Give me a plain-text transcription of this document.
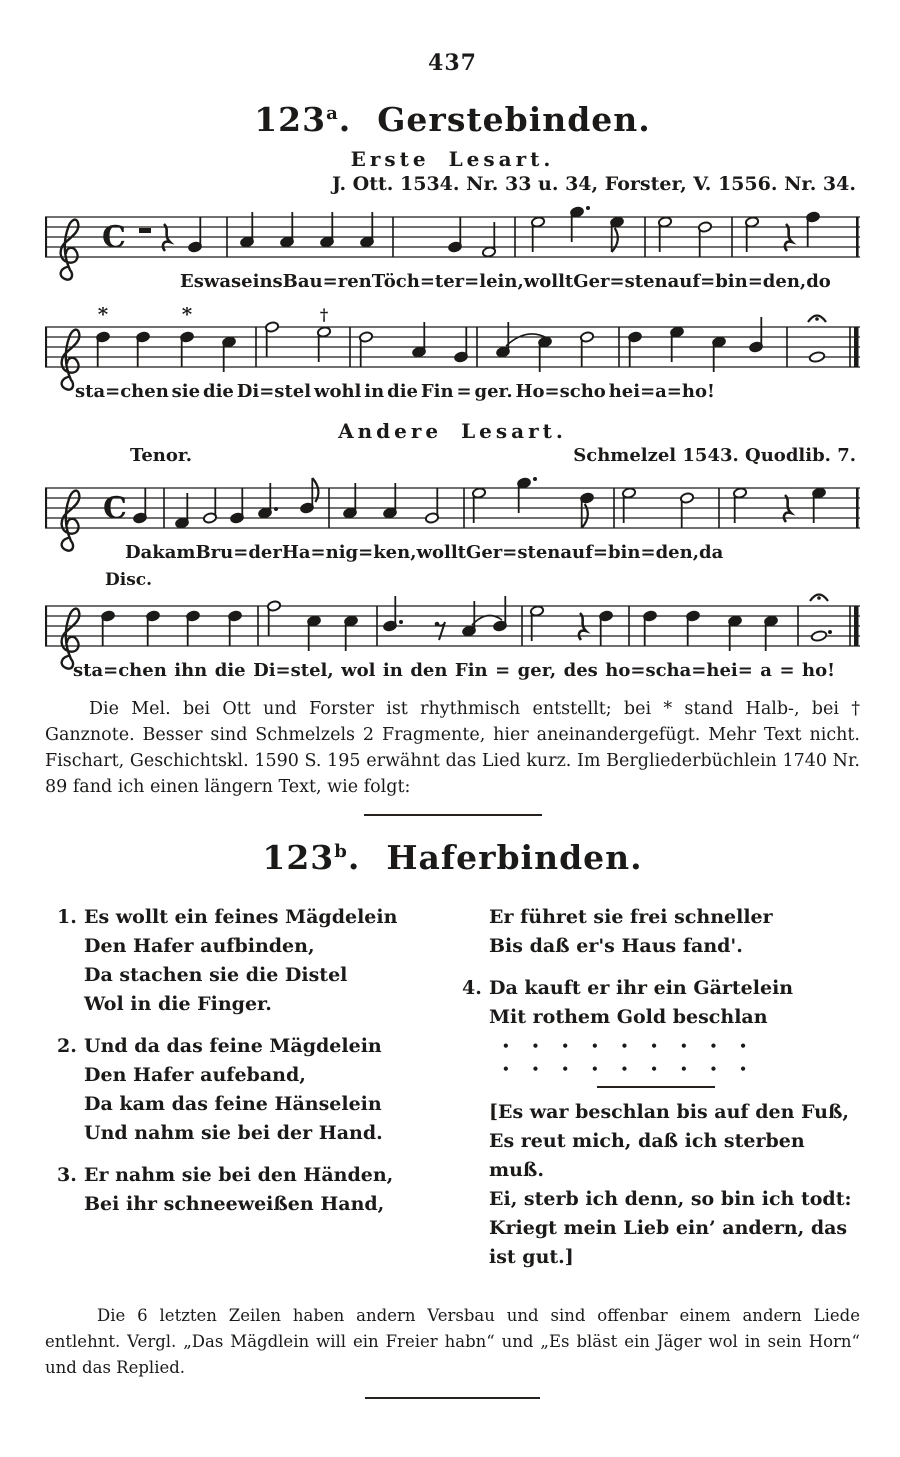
437
123$^a$. Gerstebinden.
Erste Lesart.
J. Ott. 1534. Nr. 33 u. 34, Forster, V. 1556. Nr. 34.
C
Es was eins Bau=ren Töch=ter=lein, wollt Ger=sten auf=bin=den, do
*	*	†
sta=chen sie die Di=stel wohl in die Fin = ger. Ho=scho hei=a=ho!
Andere Lesart.
Tenor.	Schmelzel 1543. Quodlib. 7.
C
Da kam Bru=der Ha=nig=ken, wollt Ger=sten auf = bin = den, da
Disc.
sta=chen ihn die Di=stel, wol in den Fin = ger, des ho=scha=hei= a = ho!
Die Mel. bei Ott und Forster ist rhythmisch entstellt; bei * stand Halb-, bei † Ganznote. Besser sind Schmelzels 2 Fragmente, hier aneinandergefügt. Mehr Text nicht. Fischart, Geschichtskl. 1590 S. 195 erwähnt das Lied kurz. Im Bergliederbüchlein 1740 Nr. 89 fand ich einen längern Text, wie folgt:
123$^b$. Haferbinden.
1. Es wollt ein feines Mägdelein
Den Hafer aufbinden,
Da stachen sie die Distel
Wol in die Finger.
2. Und da das feine Mägdelein
Den Hafer aufeband,
Da kam das feine Hänselein
Und nahm sie bei der Hand.
3. Er nahm sie bei den Händen,
Bei ihr schneeweißen Hand,
Er führet sie frei schneller
Bis daß er's Haus fand'.
4. Da kauft er ihr ein Gärtelein
Mit rothem Gold beschlan
• • • • • • • • •
• • • • • • • • •
[Es war beschlan bis auf den Fuß,
Es reut mich, daß ich sterben muß.
Ei, sterb ich denn, so bin ich todt:
Kriegt mein Lieb ein’ andern, das ist gut.]
Die 6 letzten Zeilen haben andern Versbau und sind offenbar einem andern Liede entlehnt. Vergl. „Das Mägdlein will ein Freier habn“ und „Es bläst ein Jäger wol in sein Horn“ und das Replied.
